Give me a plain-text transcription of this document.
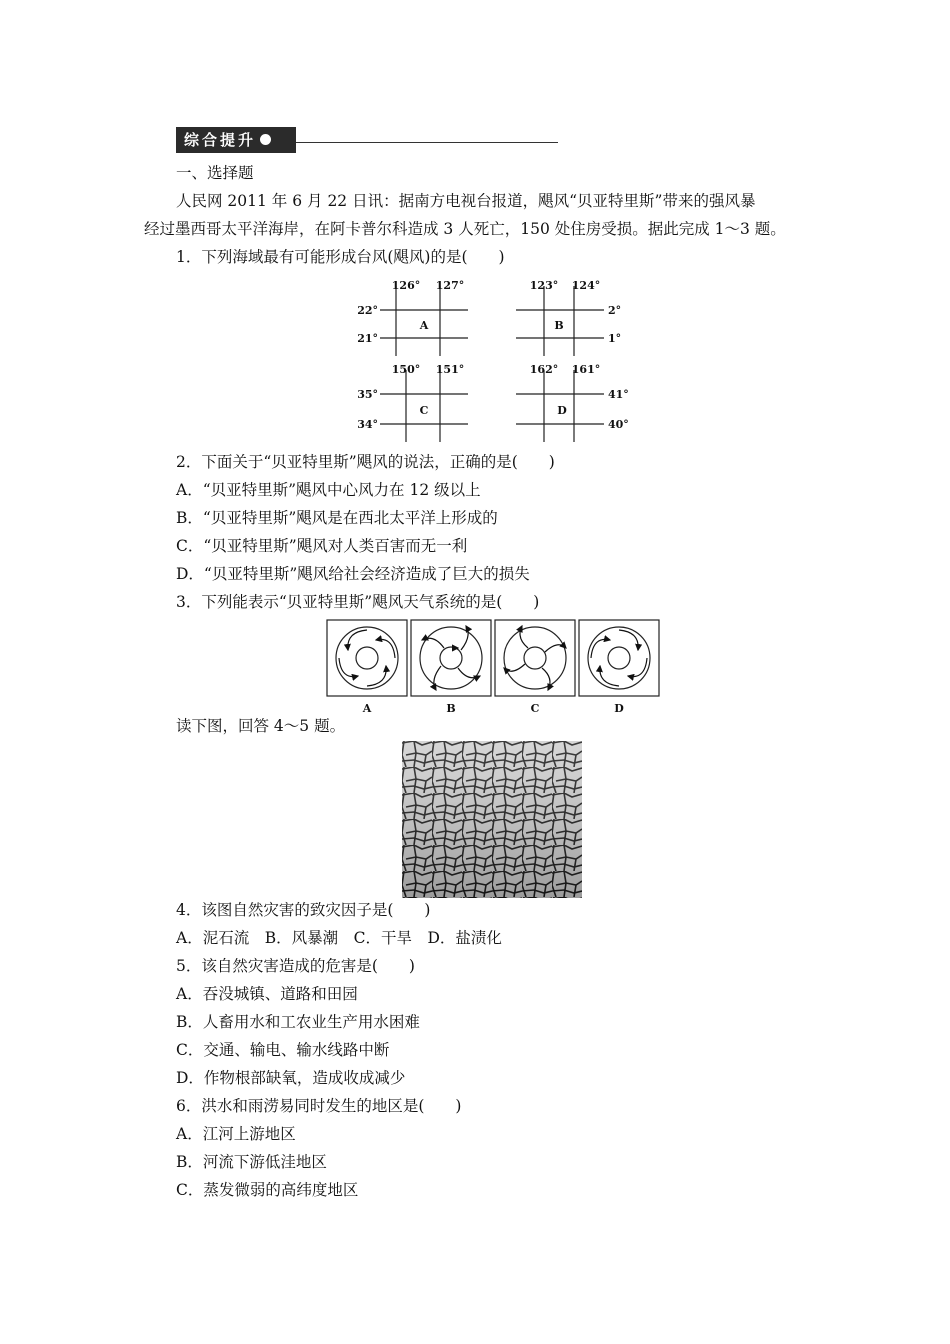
综合提升
一、选择题
人民网 2011 年 6 月 22 日讯：据南方电视台报道，飓风“贝亚特里斯”带来的强风暴
经过墨西哥太平洋海岸，在阿卡普尔科造成 3 人死亡，150 处住房受损。据此完成 1～3 题。
1．下列海域最有可能形成台风(飓风)的是(　　)
126° 127°
22°
21°
A
123° 124°
2°
1°
B
150° 151°
35°
34°
C
162° 161°
41°
40°
D
2．下面关于“贝亚特里斯”飓风的说法，正确的是(　　)
A．“贝亚特里斯”飓风中心风力在 12 级以上
B．“贝亚特里斯”飓风是在西北太平洋上形成的
C．“贝亚特里斯”飓风对人类百害而无一利
D．“贝亚特里斯”飓风给社会经济造成了巨大的损失
3．下列能表示“贝亚特里斯”飓风天气系统的是(　　)
A	B	C	D
读下图，回答 4～5 题。
4．该图自然灾害的致灾因子是(　　)
A．泥石流　B．风暴潮　C．干旱　D．盐渍化
5．该自然灾害造成的危害是(　　)
A．吞没城镇、道路和田园
B．人畜用水和工农业生产用水困难
C．交通、输电、输水线路中断
D．作物根部缺氧，造成收成减少
6．洪水和雨涝易同时发生的地区是(　　)
A．江河上游地区
B．河流下游低洼地区
C．蒸发微弱的高纬度地区
